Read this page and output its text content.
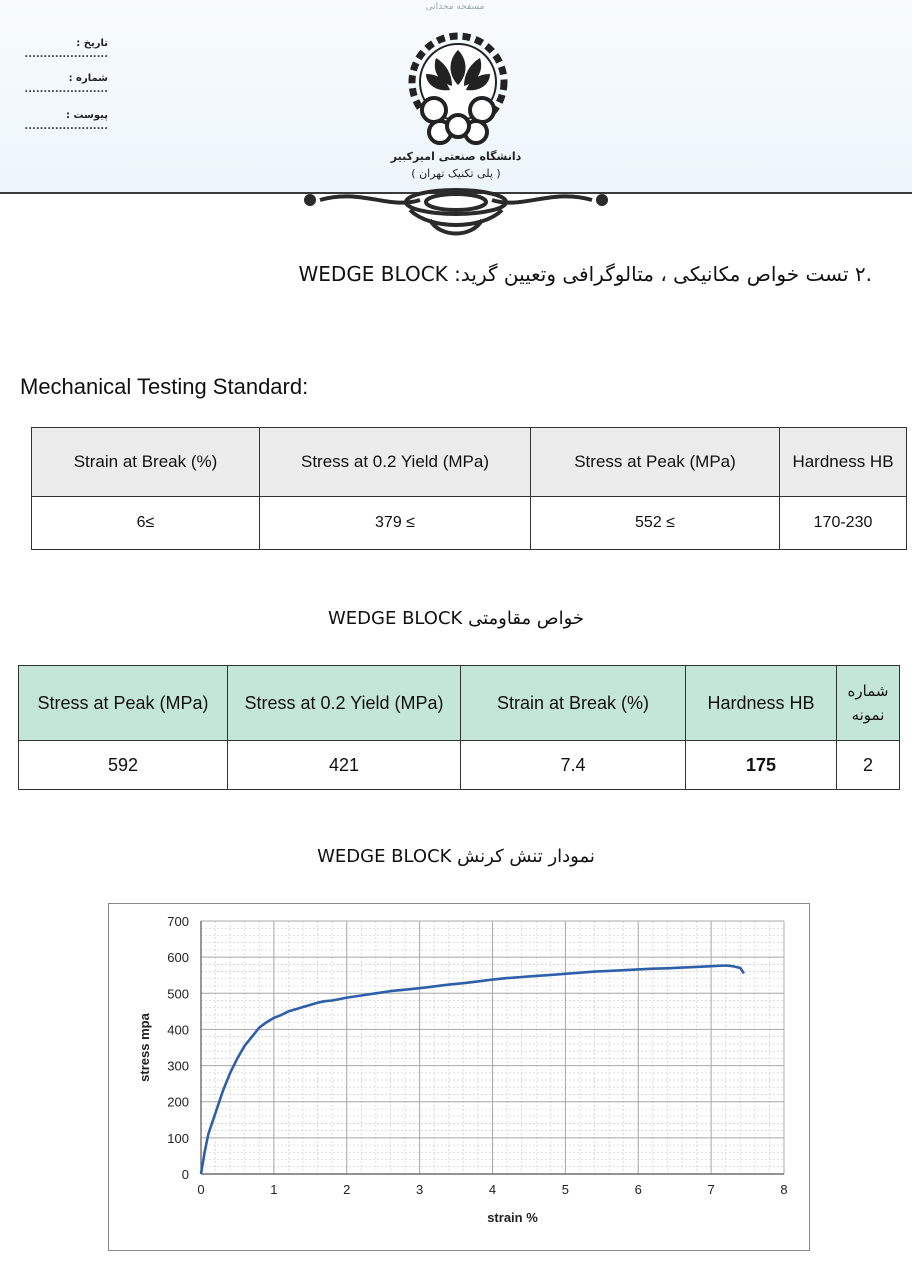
مسفحه محدانی
تاریخ : ......................
شماره : ......................
پیوست : ......................
دانشگاه صنعتی امیرکبیر
( پلی تکنیک تهران )
.۲ تست خواص مکانیکی ، متالوگرافی وتعیین گرید: WEDGE BLOCK
Mechanical Testing Standard:
Strain at Break (%)	Stress at 0.2 Yield (MPa)	Stress at Peak (MPa)	Hardness HB
6≤	379 ≤	552 ≤	170-230
خواص مقاومتی WEDGE BLOCK
Stress at Peak (MPa)	Stress at 0.2 Yield (MPa)	Strain at Break (%)	Hardness HB	شماره نمونه
592	421	7.4	175	2
نمودار تنش کرنش WEDGE BLOCK
0	1	2	3	4	5	6	7	8
0
100
200
300
400
500
600
700
strain %
stress mpa
